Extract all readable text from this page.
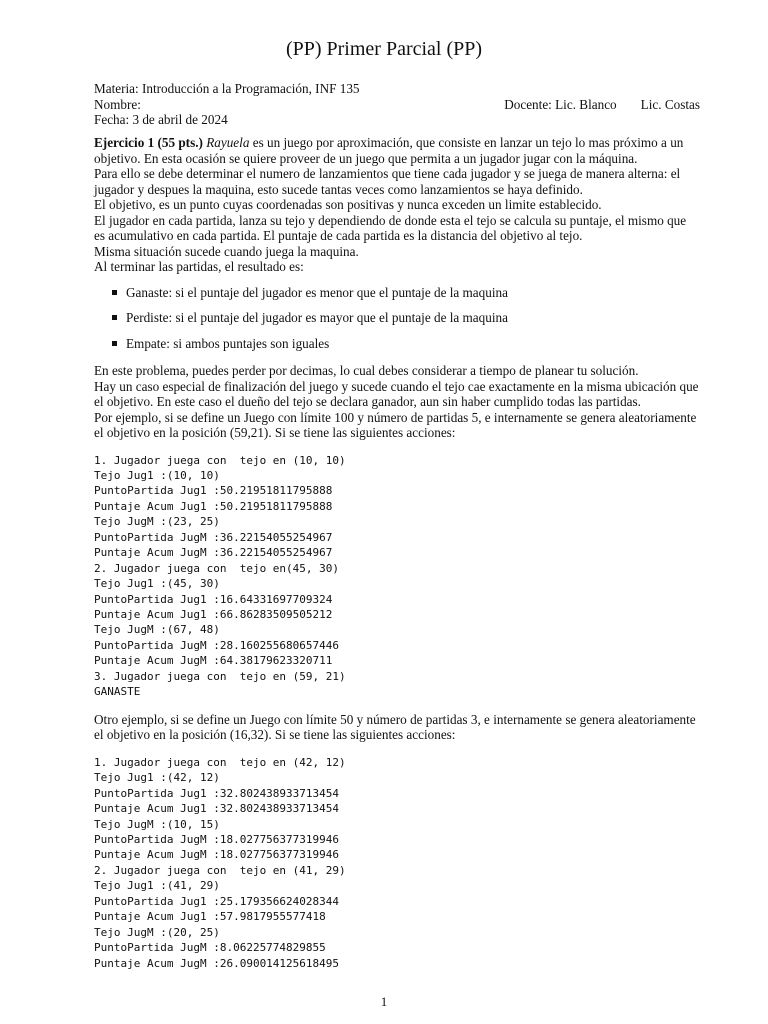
(PP) Primer Parcial (PP)
Materia: Introducción a la Programación, INF 135
Nombre:	Docente: Lic. Blanco Lic. Costas
Fecha: 3 de abril de 2024

Ejercicio 1 (55 pts.) Rayuela es un juego por aproximación, que consiste en lanzar un tejo lo mas próximo a un objetivo. En esta ocasión se quiere proveer de un juego que permita a un jugador jugar con la máquina.

Para ello se debe determinar el numero de lanzamientos que tiene cada jugador y se juega de manera alterna: el jugador y despues la maquina, esto sucede tantas veces como lanzamientos se haya definido.

El objetivo, es un punto cuyas coordenadas son positivas y nunca exceden un limite establecido.

El jugador en cada partida, lanza su tejo y dependiendo de donde esta el tejo se calcula su puntaje, el mismo que es acumulativo en cada partida. El puntaje de cada partida es la distancia del objetivo al tejo.

Misma situación sucede cuando juega la maquina.

Al terminar las partidas, el resultado es:

Ganaste: si el puntaje del jugador es menor que el puntaje de la maquina
Perdiste: si el puntaje del jugador es mayor que el puntaje de la maquina
Empate: si ambos puntajes son iguales

En este problema, puedes perder por decimas, lo cual debes considerar a tiempo de planear tu solución.

Hay un caso especial de finalización del juego y sucede cuando el tejo cae exactamente en la misma ubicación que el objetivo. En este caso el dueño del tejo se declara ganador, aun sin haber cumplido todas las partidas.

Por ejemplo, si se define un Juego con límite 100 y número de partidas 5, e internamente se genera aleatoriamente el objetivo en la posición (59,21). Si se tiene las siguientes acciones:

1. Jugador juega con  tejo en (10, 10)
Tejo Jug1 :(10, 10)
PuntoPartida Jug1 :50.21951811795888
Puntaje Acum Jug1 :50.21951811795888
Tejo JugM :(23, 25)
PuntoPartida JugM :36.22154055254967
Puntaje Acum JugM :36.22154055254967
2. Jugador juega con  tejo en(45, 30)
Tejo Jug1 :(45, 30)
PuntoPartida Jug1 :16.64331697709324
Puntaje Acum Jug1 :66.86283509505212
Tejo JugM :(67, 48)
PuntoPartida JugM :28.160255680657446
Puntaje Acum JugM :64.38179623320711
3. Jugador juega con  tejo en (59, 21)
GANASTE

Otro ejemplo, si se define un Juego con límite 50 y número de partidas 3, e internamente se genera aleatoriamente el objetivo en la posición (16,32). Si se tiene las siguientes acciones:

1. Jugador juega con  tejo en (42, 12)
Tejo Jug1 :(42, 12)
PuntoPartida Jug1 :32.802438933713454
Puntaje Acum Jug1 :32.802438933713454
Tejo JugM :(10, 15)
PuntoPartida JugM :18.027756377319946
Puntaje Acum JugM :18.027756377319946
2. Jugador juega con  tejo en (41, 29)
Tejo Jug1 :(41, 29)
PuntoPartida Jug1 :25.179356624028344
Puntaje Acum Jug1 :57.9817955577418
Tejo JugM :(20, 25)
PuntoPartida JugM :8.06225774829855
Puntaje Acum JugM :26.090014125618495
1
